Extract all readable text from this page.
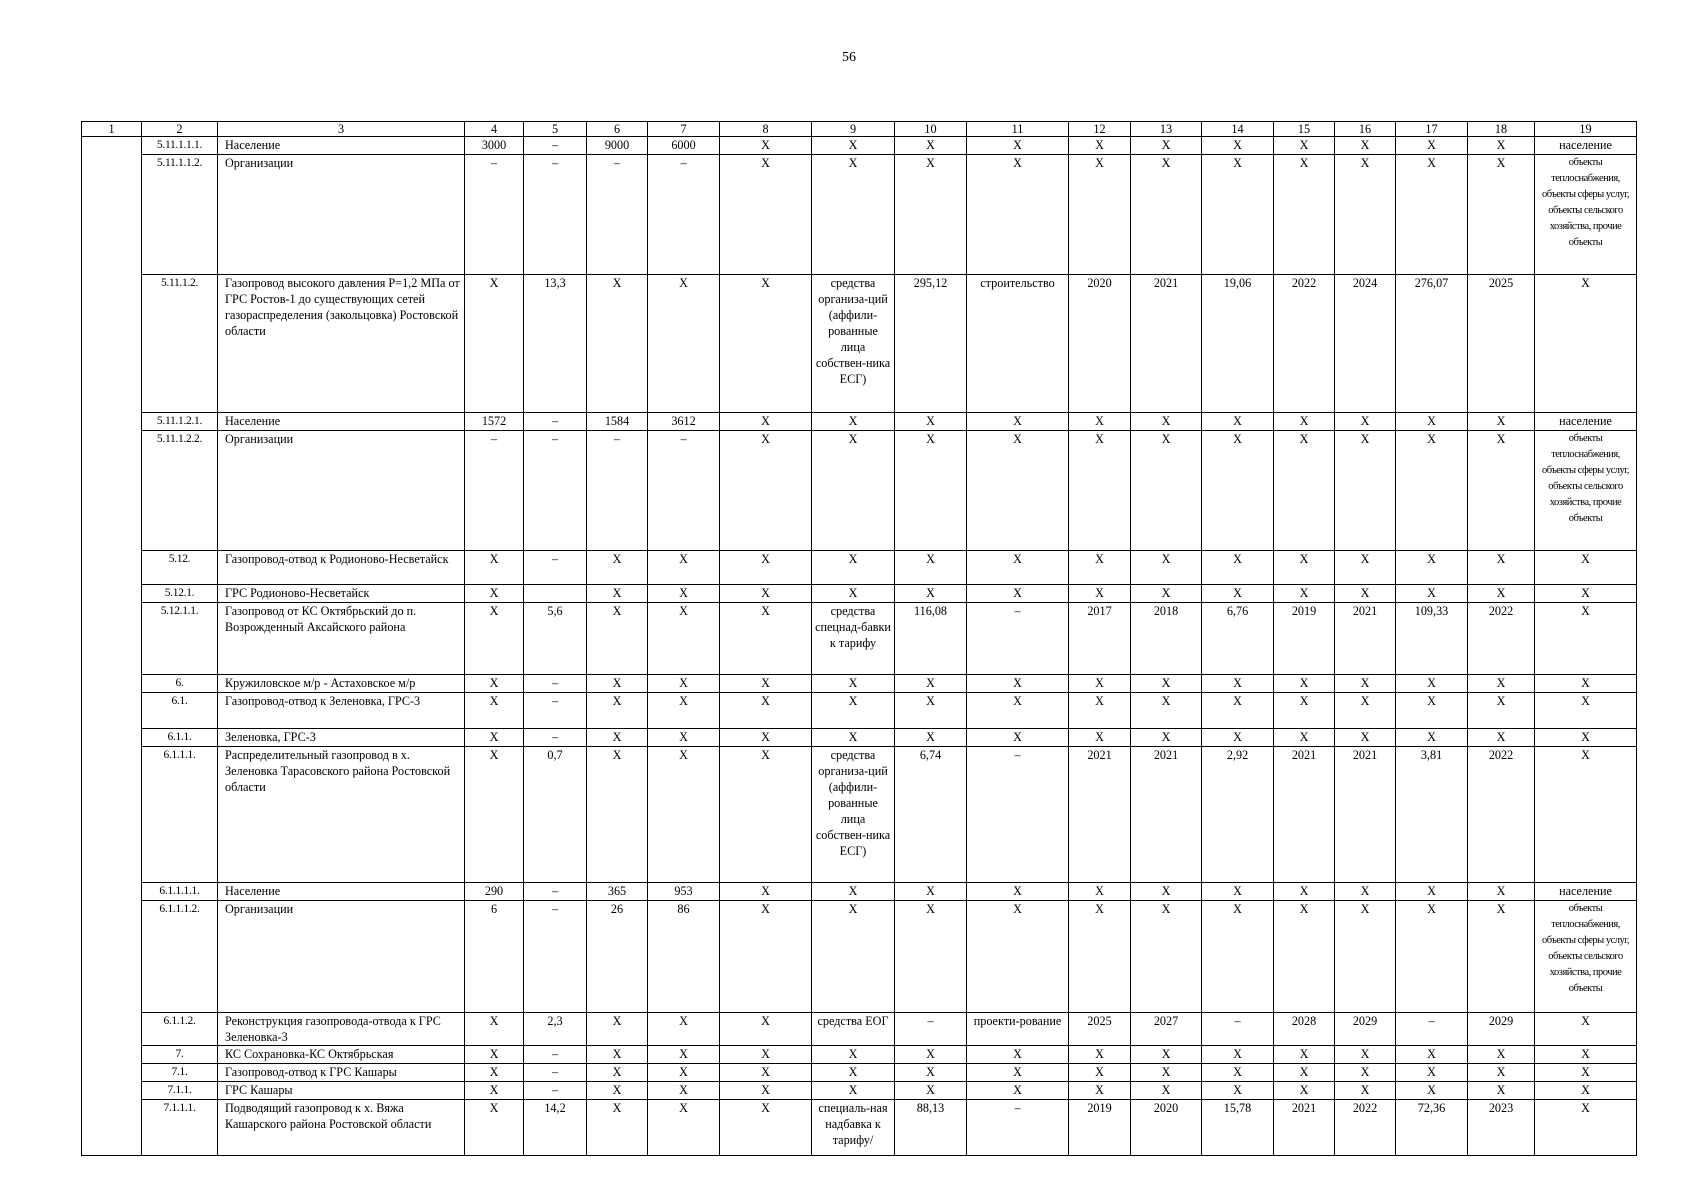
56
1	2	3	4	5	6	7	8	9	10	11	12	13	14	15	16	17	18	19
	5.11.1.1.1.	Население	3000	–	9000	6000	Х	Х	Х	Х	Х	Х	Х	Х	Х	Х	Х	население
	5.11.1.1.2.	Организации	–	–	–	–	Х	Х	Х	Х	Х	Х	Х	Х	Х	Х	Х	объекты теплоснабжения, объекты сферы услуг, объекты сельского хозяйства, прочие объекты
	5.11.1.2.	Газопровод высокого давления Р=1,2 МПа от ГРС Ростов-1 до существующих сетей газораспределения (закольцовка) Ростовской области	Х	13,3	Х	Х	Х	средства организа-ций (аффили-рованные лица собствен-ника ЕСГ)	295,12	строительство	2020	2021	19,06	2022	2024	276,07	2025	Х
	5.11.1.2.1.	Население	1572	–	1584	3612	Х	Х	Х	Х	Х	Х	Х	Х	Х	Х	Х	население
	5.11.1.2.2.	Организации	–	–	–	–	Х	Х	Х	Х	Х	Х	Х	Х	Х	Х	Х	объекты теплоснабжения, объекты сферы услуг, объекты сельского хозяйства, прочие объекты
	5.12.	Газопровод-отвод к Родионово-Несветайск	Х	–	Х	Х	Х	Х	Х	Х	Х	Х	Х	Х	Х	Х	Х	Х
	5.12.1.	ГРС Родионово-Несветайск	Х		Х	Х	Х	Х	Х	Х	Х	Х	Х	Х	Х	Х	Х	Х
	5.12.1.1.	Газопровод от КС Октябрьский до п. Возрожденный Аксайского района	Х	5,6	Х	Х	Х	средства спецнад-бавки к тарифу	116,08	–	2017	2018	6,76	2019	2021	109,33	2022	Х
	6.	Кружиловское м/р - Астаховское м/р	Х	–	Х	Х	Х	Х	Х	Х	Х	Х	Х	Х	Х	Х	Х	Х
	6.1.	Газопровод-отвод к Зеленовка, ГРС-3	Х	–	Х	Х	Х	Х	Х	Х	Х	Х	Х	Х	Х	Х	Х	Х
	6.1.1.	Зеленовка, ГРС-3	Х	–	Х	Х	Х	Х	Х	Х	Х	Х	Х	Х	Х	Х	Х	Х
	6.1.1.1.	Распределительный газопровод в х. Зеленовка Тарасовского района Ростовской области	Х	0,7	Х	Х	Х	средства организа-ций (аффили-рованные лица собствен-ника ЕСГ)	6,74	–	2021	2021	2,92	2021	2021	3,81	2022	Х
	6.1.1.1.1.	Население	290	–	365	953	Х	Х	Х	Х	Х	Х	Х	Х	Х	Х	Х	население
	6.1.1.1.2.	Организации	6	–	26	86	Х	Х	Х	Х	Х	Х	Х	Х	Х	Х	Х	объекты теплоснабжения, объекты сферы услуг, объекты сельского хозяйства, прочие объекты
	6.1.1.2.	Реконструкция газопровода-отвода к ГРС Зеленовка-3	Х	2,3	Х	Х	Х	средства ЕОГ	–	проекти-рование	2025	2027	–	2028	2029	–	2029	Х
	7.	КС Сохрановка-КС Октябрьская	Х	–	Х	Х	Х	Х	Х	Х	Х	Х	Х	Х	Х	Х	Х	Х
	7.1.	Газопровод-отвод к ГРС Кашары	Х	–	Х	Х	Х	Х	Х	Х	Х	Х	Х	Х	Х	Х	Х	Х
	7.1.1.	ГРС Кашары	Х	–	Х	Х	Х	Х	Х	Х	Х	Х	Х	Х	Х	Х	Х	Х
	7.1.1.1.	Подводящий газопровод к х. Вяжа Кашарского района Ростовской области	Х	14,2	Х	Х	Х	специаль-ная надбавка к тарифу/	88,13	–	2019	2020	15,78	2021	2022	72,36	2023	Х
